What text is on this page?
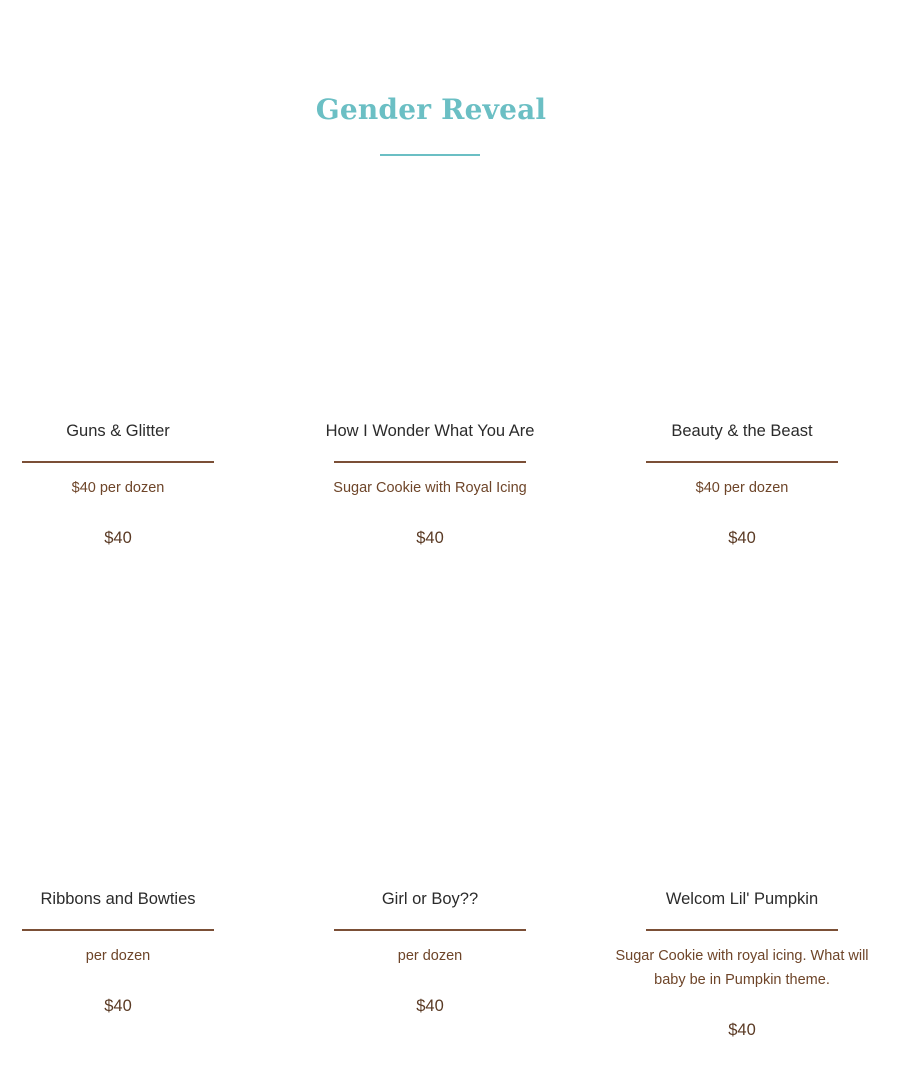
Gender Reveal
Guns & Glitter
$40 per dozen
$40
How I Wonder What You Are
Sugar Cookie with Royal Icing
$40
Beauty & the Beast
$40 per dozen
$40
Ribbons and Bowties
per dozen
$40
Girl or Boy??
per dozen
$40
Welcom Lil' Pumpkin
Sugar Cookie with royal icing. What will baby be in Pumpkin theme.
$40
